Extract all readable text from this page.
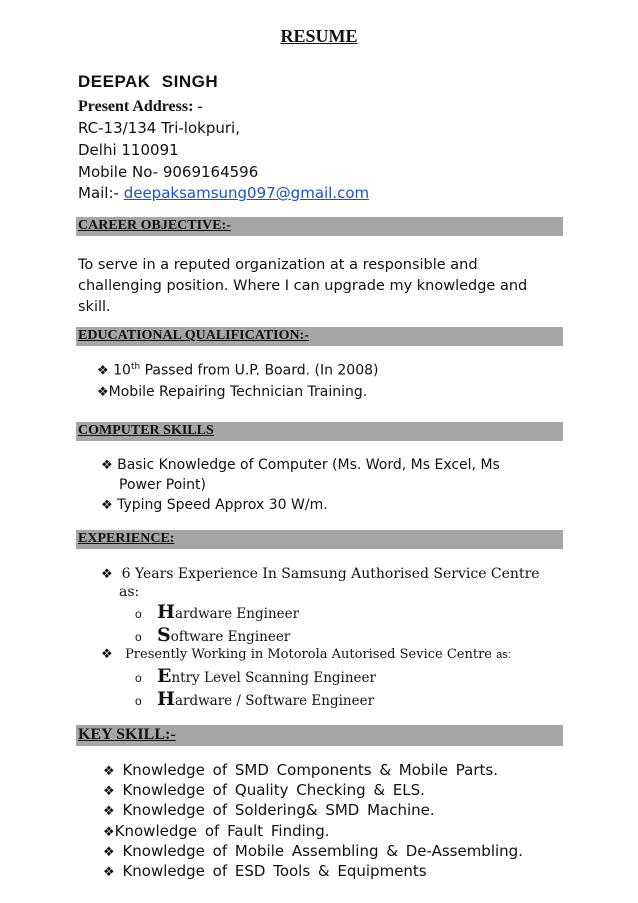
RESUME
DEEPAK SINGH
Present Address: -
RC-13/134 Tri-lokpuri,
Delhi 110091
Mobile No- 9069164596
Mail:- deepaksamsung097@gmail.com
CAREER OBJECTIVE:-
To serve in a reputed organization at a responsible and
challenging position. Where I can upgrade my knowledge and
skill.
EDUCATIONAL QUALIFICATION:-
❖ 10th Passed from U.P. Board. (In 2008)
❖Mobile Repairing Technician Training.
COMPUTER SKILLS
❖ Basic Knowledge of Computer (Ms. Word, Ms Excel, Ms
Power Point)
❖ Typing Speed Approx 30 W/m.
EXPERIENCE:
❖ 6 Years Experience In Samsung Authorised Service Centre
as:
o Hardware Engineer
o Software Engineer
❖ Presently Working in Motorola Autorised Sevice Centre as:
o Entry Level Scanning Engineer
o Hardware / Software Engineer
KEY SKILL:-
❖ Knowledge of SMD Components & Mobile Parts.
❖ Knowledge of Quality Checking & ELS.
❖ Knowledge of Soldering& SMD Machine.
❖Knowledge of Fault Finding.
❖ Knowledge of Mobile Assembling & De-Assembling.
❖ Knowledge of ESD Tools & Equipments
